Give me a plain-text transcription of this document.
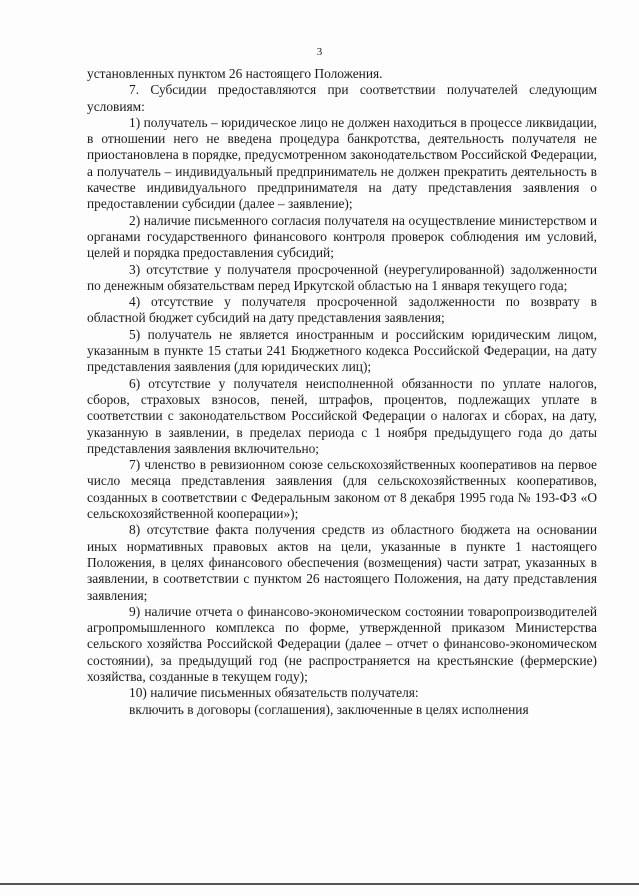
3

установленных пунктом 26 настоящего Положения.

7. Субсидии предоставляются при соответствии получателей следующим условиям:

1) получатель – юридическое лицо не должен находиться в процессе ликвидации, в отношении него не введена процедура банкротства, деятельность получателя не приостановлена в порядке, предусмотренном законодательством Российской Федерации, а получатель – индивидуальный предприниматель не должен прекратить деятельность в качестве индивидуального предпринимателя на дату представления заявления о предоставлении субсидии (далее – заявление);

2) наличие письменного согласия получателя на осуществление министерством и органами государственного финансового контроля проверок соблюдения им условий, целей и порядка предоставления субсидий;

3) отсутствие у получателя просроченной (неурегулированной) задолженности по денежным обязательствам перед Иркутской областью на 1 января текущего года;

4) отсутствие у получателя просроченной задолженности по возврату в областной бюджет субсидий на дату представления заявления;

5) получатель не является иностранным и российским юридическим лицом, указанным в пункте 15 статьи 241 Бюджетного кодекса Российской Федерации, на дату представления заявления (для юридических лиц);

6) отсутствие у получателя неисполненной обязанности по уплате налогов, сборов, страховых взносов, пеней, штрафов, процентов, подлежащих уплате в соответствии с законодательством Российской Федерации о налогах и сборах, на дату, указанную в заявлении, в пределах периода с 1 ноября предыдущего года до даты представления заявления включительно;

7) членство в ревизионном союзе сельскохозяйственных кооперативов на первое число месяца представления заявления (для сельскохозяйственных кооперативов, созданных в соответствии с Федеральным законом от 8 декабря 1995 года № 193-ФЗ «О сельскохозяйственной кооперации»);

8) отсутствие факта получения средств из областного бюджета на основании иных нормативных правовых актов на цели, указанные в пункте 1 настоящего Положения, в целях финансового обеспечения (возмещения) части затрат, указанных в заявлении, в соответствии с пунктом 26 настоящего Положения, на дату представления заявления;

9) наличие отчета о финансово-экономическом состоянии товаропроизводителей агропромышленного комплекса по форме, утвержденной приказом Министерства сельского хозяйства Российской Федерации (далее – отчет о финансово-экономическом состоянии), за предыдущий год (не распространяется на крестьянские (фермерские) хозяйства, созданные в текущем году);

10) наличие письменных обязательств получателя:

включить в договоры (соглашения), заключенные в целях исполнения
